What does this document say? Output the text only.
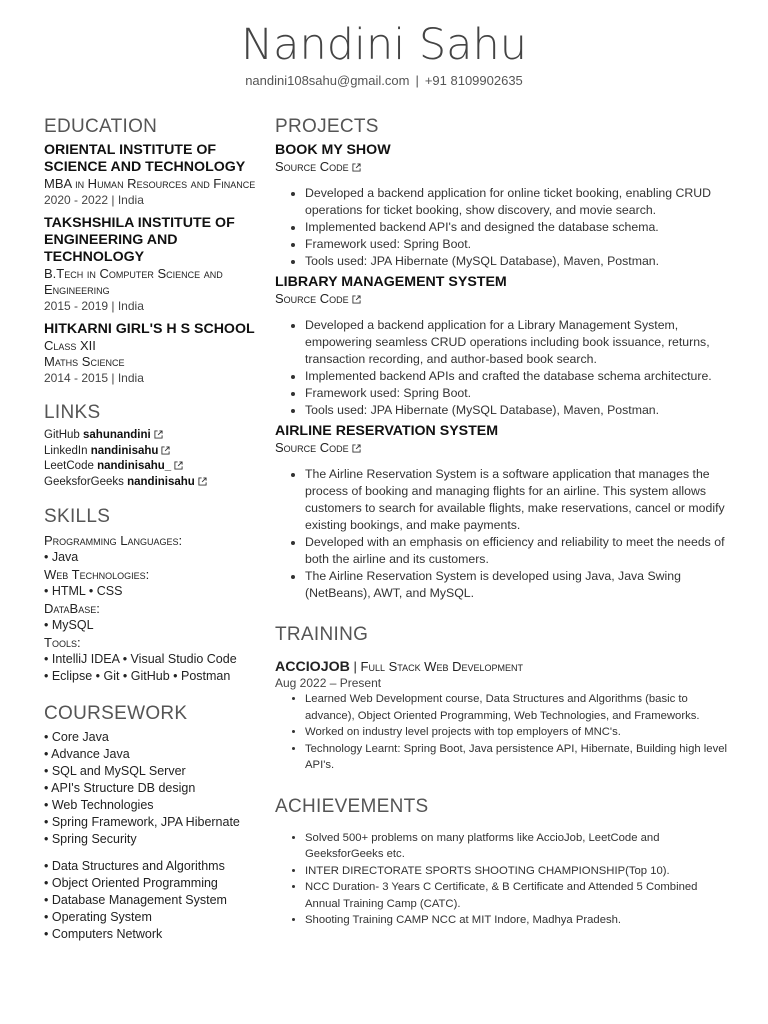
Nandini Sahu
nandini108sahu@gmail.com | +91 8109902635
EDUCATION
ORIENTAL INSTITUTE OF SCIENCE AND TECHNOLOGY
MBA in Human Resources and Finance
2020 - 2022 | India
TAKSHSHILA INSTITUTE OF ENGINEERING AND TECHNOLOGY
B.Tech in Computer Science and Engineering
2015 - 2019 | India
HITKARNI GIRL'S H S SCHOOL
Class XII
Maths Science
2014 - 2015 | India
LINKS
GitHub sahunandini
LinkedIn nandinisahu
LeetCode nandinisahu_
GeeksforGeeks nandinisahu
SKILLS
Programming Languages:
• Java
Web Technologies:
• HTML • CSS
DataBase:
• MySQL
Tools:
• IntelliJ IDEA • Visual Studio Code
• Eclipse • Git • GitHub • Postman
COURSEWORK
• Core Java
• Advance Java
• SQL and MySQL Server
• API's Structure DB design
• Web Technologies
• Spring Framework, JPA Hibernate
• Spring Security
• Data Structures and Algorithms
• Object Oriented Programming
• Database Management System
• Operating System
• Computers Network
PROJECTS
BOOK MY SHOW
Source Code
• Developed a backend application for online ticket booking, enabling CRUD operations for ticket booking, show discovery, and movie search.
• Implemented backend API's and designed the database schema.
• Framework used: Spring Boot.
• Tools used: JPA Hibernate (MySQL Database), Maven, Postman.
LIBRARY MANAGEMENT SYSTEM
Source Code
• Developed a backend application for a Library Management System, empowering seamless CRUD operations including book issuance, returns, transaction recording, and author-based book search.
• Implemented backend APIs and crafted the database schema architecture.
• Framework used: Spring Boot.
• Tools used: JPA Hibernate (MySQL Database), Maven, Postman.
AIRLINE RESERVATION SYSTEM
Source Code
• The Airline Reservation System is a software application that manages the process of booking and managing flights for an airline. This system allows customers to search for available flights, make reservations, cancel or modify existing bookings, and make payments.
• Developed with an emphasis on efficiency and reliability to meet the needs of both the airline and its customers.
• The Airline Reservation System is developed using Java, Java Swing (NetBeans), AWT, and MySQL.
TRAINING
ACCIOJOB | Full Stack Web Development
Aug 2022 – Present
• Learned Web Development course, Data Structures and Algorithms (basic to advance), Object Oriented Programming, Web Technologies, and Frameworks.
• Worked on industry level projects with top employers of MNC's.
• Technology Learnt: Spring Boot, Java persistence API, Hibernate, Building high level API's.
ACHIEVEMENTS
• Solved 500+ problems on many platforms like AccioJob, LeetCode and GeeksforGeeks etc.
• INTER DIRECTORATE SPORTS SHOOTING CHAMPIONSHIP(Top 10).
• NCC Duration- 3 Years C Certificate, & B Certificate and Attended 5 Combined Annual Training Camp (CATC).
• Shooting Training CAMP NCC at MIT Indore, Madhya Pradesh.
